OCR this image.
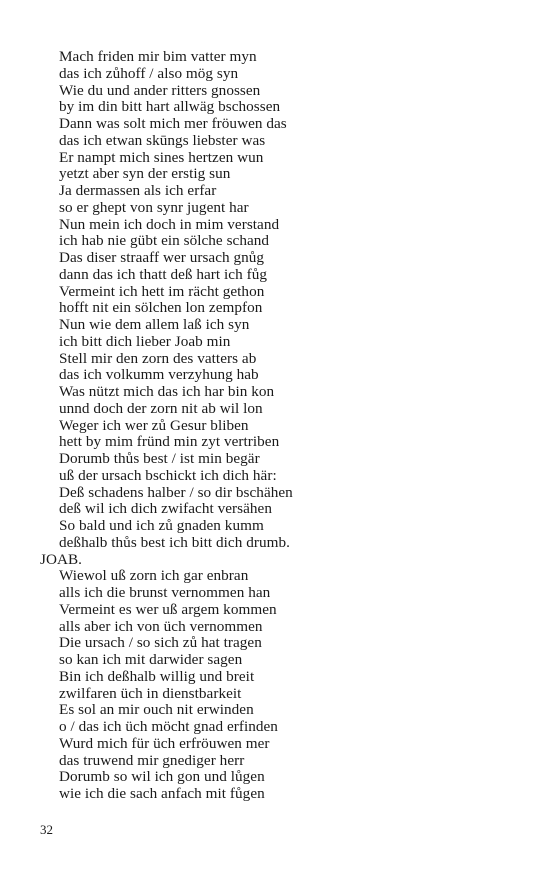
Mach friden mir bim vatter myn
das ich zůhoff / also mög syn
Wie du und ander ritters gnossen
by im din bitt hart allwäg bschossen
Dann was solt mich mer fröuwen das
das ich etwan skūngs liebster was
Er nampt mich sines hertzen wun
yetzt aber syn der erstig sun
Ja dermassen als ich erfar
so er ghept von synr jugent har
Nun mein ich doch in mim verstand
ich hab nie gübt ein sölche schand
Das diser straaff wer ursach gnůg
dann das ich thatt deß hart ich fůg
Vermeint ich hett im rächt gethon
hofft nit ein sölchen lon zempfon
Nun wie dem allem laß ich syn
ich bitt dich lieber Joab min
Stell mir den zorn des vatters ab
das ich volkumm verzyhung hab
Was nützt mich das ich har bin kon
unnd doch der zorn nit ab wil lon
Weger ich wer zů Gesur bliben
hett by mim fründ min zyt vertriben
Dorumb thůs best / ist min begär
uß der ursach bschickt ich dich här:
Deß schadens halber / so dir bschähen
deß wil ich dich zwifacht versähen
So bald und ich zů gnaden kumm
deßhalb thůs best ich bitt dich drumb.
JOAB.
Wiewol uß zorn ich gar enbran
alls ich die brunst vernommen han
Vermeint es wer uß argem kommen
alls aber ich von üch vernommen
Die ursach / so sich zů hat tragen
so kan ich mit darwider sagen
Bin ich deßhalb willig und breit
zwilfaren üch in dienstbarkeit
Es sol an mir ouch nit erwinden
o / das ich üch möcht gnad erfinden
Wurd mich für üch erfröuwen mer
das truwend mir gnediger herr
Dorumb so wil ich gon und lůgen
wie ich die sach anfach mit fůgen
32
